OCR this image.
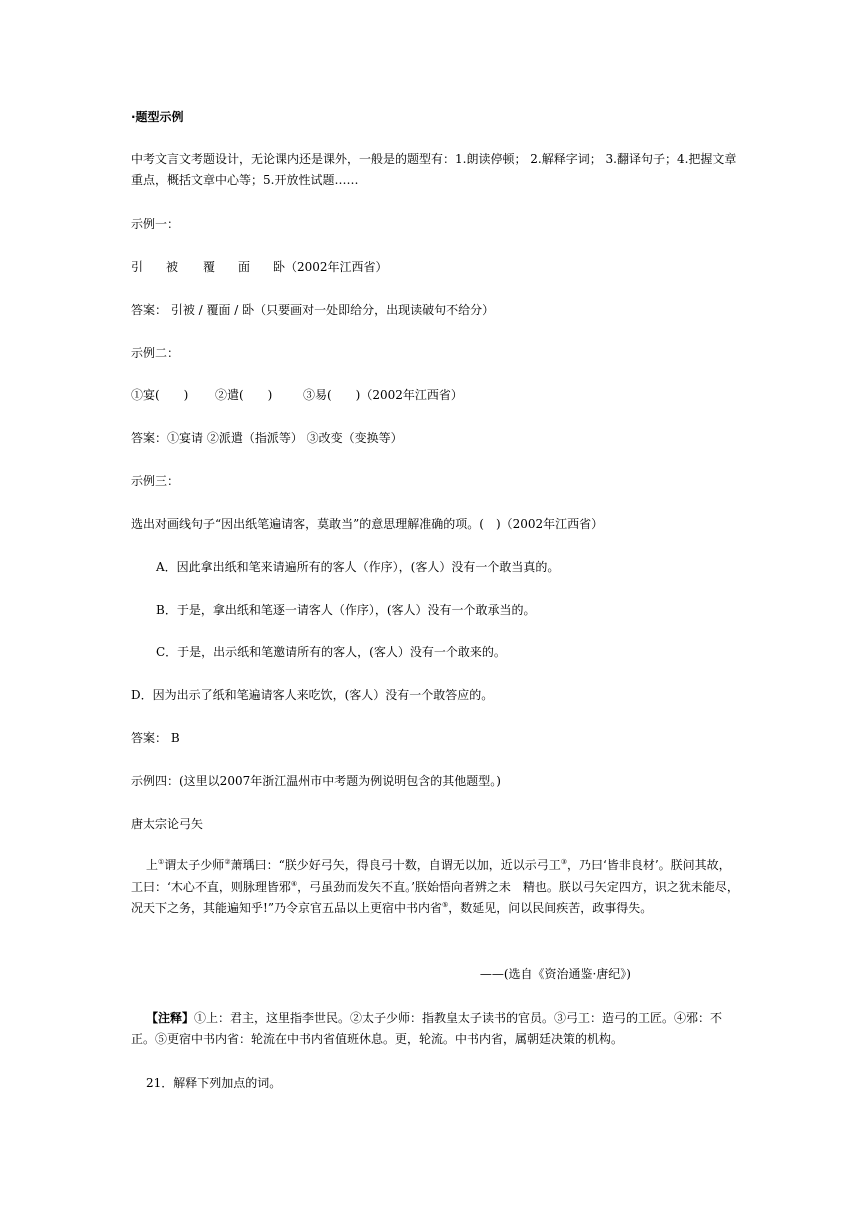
·题型示例

中考文言文考题设计，无论课内还是课外，一般是的题型有：1.朗读停顿； 2.解释字词； 3.翻译句子；4.把握文章重点，概括文章中心等；5.开放性试题……

示例一：

引 被 覆 面 卧（2002年江西省）

答案： 引被 / 覆面 / 卧（只要画对一处即给分，出现读破句不给分）

示例二：

①宴(　　) ②遣(　　)	③易(　　)（2002年江西省）

答案：①宴请 ②派遣（指派等） ③改变（变换等）

示例三：

选出对画线句子“因出纸笔遍请客，莫敢当”的意思理解准确的项。(　)（2002年江西省）

A．因此拿出纸和笔来请遍所有的客人（作序），(客人）没有一个敢当真的。

B．于是，拿出纸和笔逐一请客人（作序），(客人）没有一个敢承当的。

C．于是，出示纸和笔邀请所有的客人，(客人）没有一个敢来的。

D．因为出示了纸和笔遍请客人来吃饮，(客人）没有一个敢答应的。

答案： B

示例四：(这里以2007年浙江温州市中考题为例说明包含的其他题型。)

唐太宗论弓矢

上①谓太子少师②萧瑀曰：“朕少好弓矢，得良弓十数，自谓无以加，近以示弓工③，乃曰‘皆非良材’。朕问其故，工曰：‘木心不直，则脉理皆邪④，弓虽劲而发矢不直。’朕始悟向者辨之未　精也。朕以弓矢定四方，识之犹未能尽，况天下之务，其能遍知乎!”乃令京官五品以上更宿中书内省⑤，数延见，问以民间疾苦，政事得失。

——(选自《资治通鉴·唐纪》)

【注释】①上：君主，这里指李世民。②太子少师：指教皇太子读书的官员。③弓工：造弓的工匠。④邪：不正。⑤更宿中书内省：轮流在中书内省值班休息。更，轮流。中书内省，属朝廷决策的机构。

21．解释下列加点的词。
